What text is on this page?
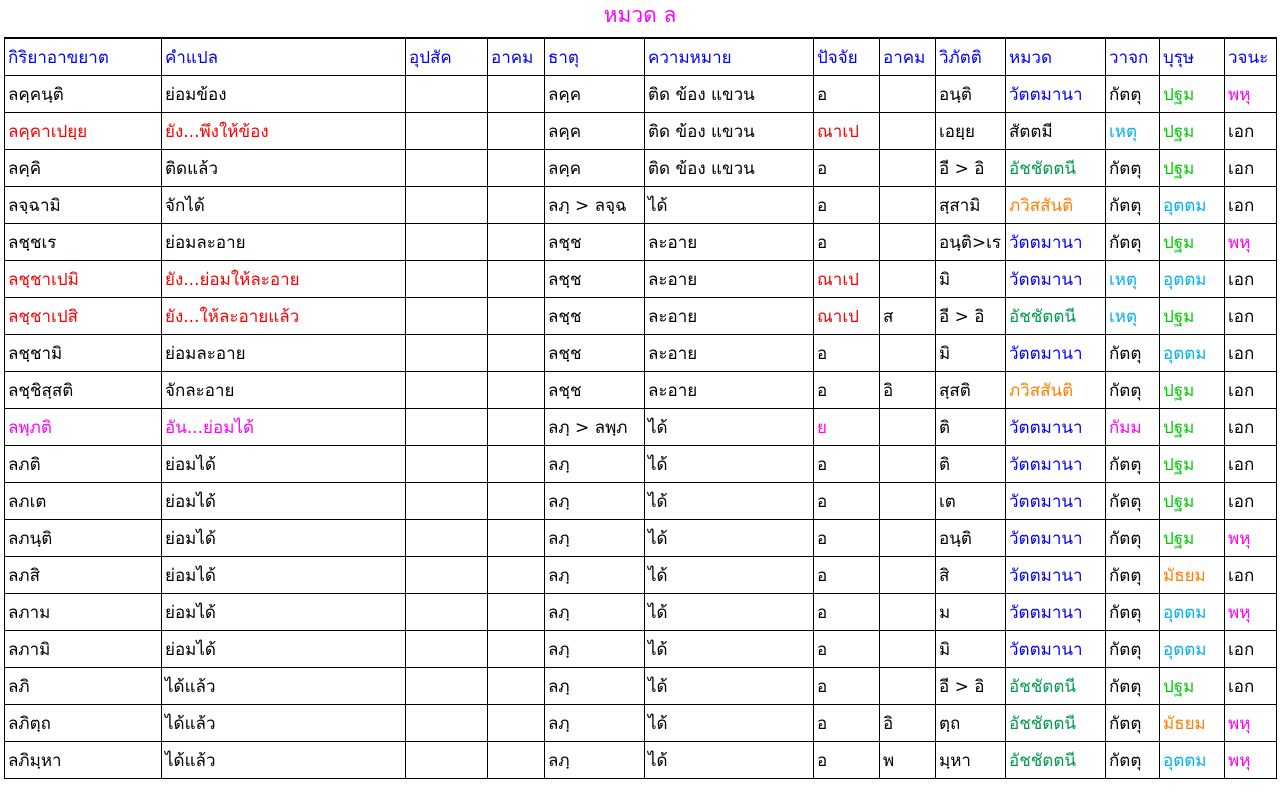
หมวด ล
กิริยาอาขยาต	คำแปล	อุปสัค	อาคม	ธาตุ	ความหมาย	ปัจจัย	อาคม	วิภัตติ	หมวด	วาจก	บุรุษ	วจนะ
ลคฺคนฺติ	ย่อมข้อง			ลคฺค	ติด ข้อง แขวน	อ		อนฺติ	วัตตมานา	กัตตุ	ปฐม	พหุ
ลคฺคาเปยฺย	ยัง...พึงให้ข้อง			ลคฺค	ติด ข้อง แขวน	ณาเป		เอยฺย	สัตตมี	เหตุ	ปฐม	เอก
ลคฺคิ	ติดแล้ว			ลคฺค	ติด ข้อง แขวน	อ		อี > อิ	อัชชัตตนี	กัตตุ	ปฐม	เอก
ลจฺฉามิ	จักได้			ลภฺ > ลจฺฉ	ได้	อ		สฺสามิ	ภวิสสันติ	กัตตุ	อุตตม	เอก
ลชฺชเร	ย่อมละอาย			ลชฺช	ละอาย	อ		อนฺติ>เร	วัตตมานา	กัตตุ	ปฐม	พหุ
ลชฺชาเปมิ	ยัง...ย่อมให้ละอาย			ลชฺช	ละอาย	ณาเป		มิ	วัตตมานา	เหตุ	อุตตม	เอก
ลชฺชาเปสิ	ยัง...ให้ละอายแล้ว			ลชฺช	ละอาย	ณาเป	ส	อี > อิ	อัชชัตตนี	เหตุ	ปฐม	เอก
ลชฺชามิ	ย่อมละอาย			ลชฺช	ละอาย	อ		มิ	วัตตมานา	กัตตุ	อุตตม	เอก
ลชฺชิสฺสติ	จักละอาย			ลชฺช	ละอาย	อ	อิ	สฺสติ	ภวิสสันติ	กัตตุ	ปฐม	เอก
ลพฺภติ	อัน...ย่อมได้			ลภฺ > ลพฺภ	ได้	ย		ติ	วัตตมานา	กัมม	ปฐม	เอก
ลภติ	ย่อมได้			ลภฺ	ได้	อ		ติ	วัตตมานา	กัตตุ	ปฐม	เอก
ลภเต	ย่อมได้			ลภฺ	ได้	อ		เต	วัตตมานา	กัตตุ	ปฐม	เอก
ลภนฺติ	ย่อมได้			ลภฺ	ได้	อ		อนฺติ	วัตตมานา	กัตตุ	ปฐม	พหุ
ลภสิ	ย่อมได้			ลภฺ	ได้	อ		สิ	วัตตมานา	กัตตุ	มัธยม	เอก
ลภาม	ย่อมได้			ลภฺ	ได้	อ		ม	วัตตมานา	กัตตุ	อุตตม	พหุ
ลภามิ	ย่อมได้			ลภฺ	ได้	อ		มิ	วัตตมานา	กัตตุ	อุตตม	เอก
ลภิ	ได้แล้ว			ลภฺ	ได้	อ		อี > อิ	อัชชัตตนี	กัตตุ	ปฐม	เอก
ลภิตฺถ	ได้แล้ว			ลภฺ	ได้	อ	อิ	ตฺถ	อัชชัตตนี	กัตตุ	มัธยม	พหุ
ลภิมฺหา	ได้แล้ว			ลภฺ	ได้	อ	พ	มฺหา	อัชชัตตนี	กัตตุ	อุตตม	พหุ
